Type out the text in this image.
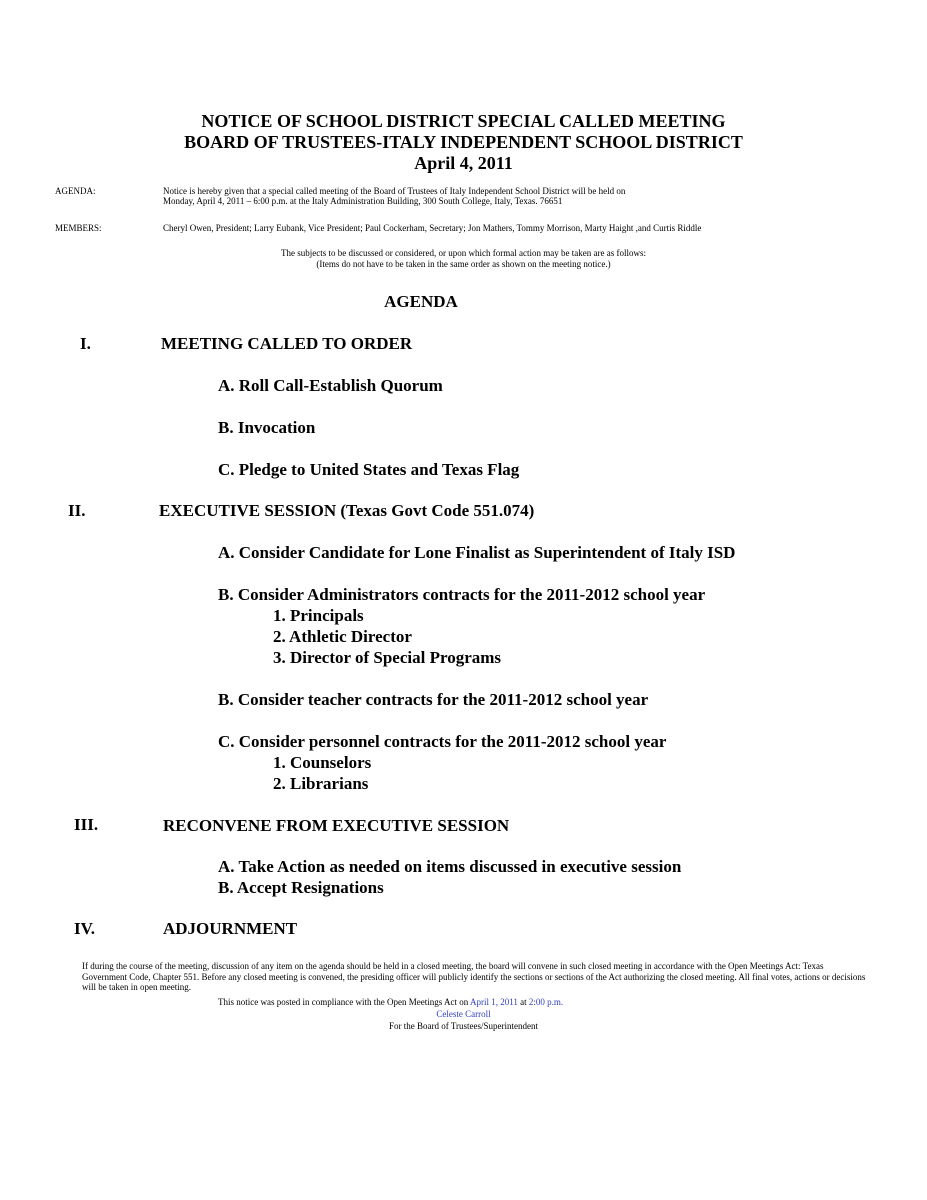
NOTICE OF SCHOOL DISTRICT SPECIAL CALLED MEETING
BOARD OF TRUSTEES-ITALY INDEPENDENT SCHOOL DISTRICT
April 4, 2011
AGENDA:	Notice is hereby given that a special called meeting of the Board of Trustees of Italy Independent School District will be held on
Monday, April 4, 2011 – 6:00 p.m. at the Italy Administration Building, 300 South College, Italy, Texas. 76651
MEMBERS:	Cheryl Owen, President; Larry Eubank, Vice President; Paul Cockerham, Secretary; Jon Mathers, Tommy Morrison, Marty Haight ,and Curtis Riddle
The subjects to be discussed or considered, or upon which formal action may be taken are as follows:
(Items do not have to be taken in the same order as shown on the meeting notice.)
AGENDA
I.	MEETING CALLED TO ORDER
A. Roll Call-Establish Quorum
B. Invocation
C. Pledge to United States and Texas Flag
II.	EXECUTIVE SESSION (Texas Govt Code 551.074)
A. Consider Candidate for Lone Finalist as Superintendent of Italy ISD
B. Consider Administrators contracts for the 2011-2012 school year
1. Principals
2. Athletic Director
3. Director of Special Programs
B. Consider teacher contracts for the 2011-2012 school year
C. Consider personnel contracts for the 2011-2012 school year
1. Counselors
2. Librarians
III.	RECONVENE FROM EXECUTIVE SESSION
A. Take Action as needed on items discussed in executive session
B. Accept Resignations
IV.	ADJOURNMENT
If during the course of the meeting, discussion of any item on the agenda should be held in a closed meeting, the board will convene in such closed meeting in accordance with the Open Meetings Act: Texas Government Code, Chapter 551. Before any closed meeting is convened, the presiding officer will publicly identify the sections or sections of the Act authorizing the closed meeting. All final votes, actions or decisions will be taken in open meeting.
This notice was posted in compliance with the Open Meetings Act on April 1, 2011 at 2:00 p.m.
Celeste Carroll
For the Board of Trustees/Superintendent
